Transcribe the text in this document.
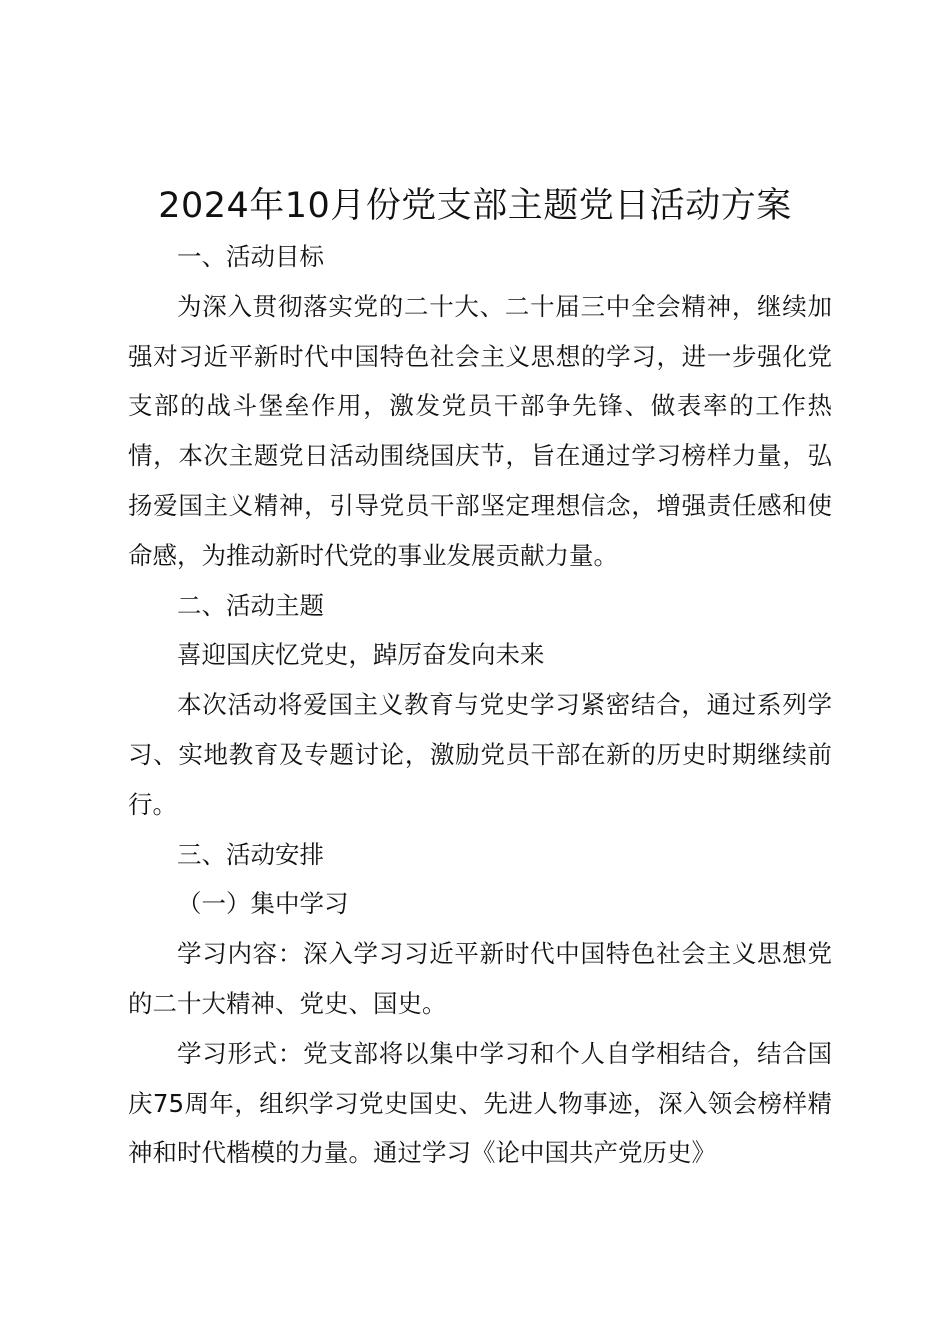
2024年10月份党支部主题党日活动方案

一、活动目标

为深入贯彻落实党的二十大、二十届三中全会精神，继续加强对习近平新时代中国特色社会主义思想的学习，进一步强化党支部的战斗堡垒作用，激发党员干部争先锋、做表率的工作热情，本次主题党日活动围绕国庆节，旨在通过学习榜样力量，弘扬爱国主义精神，引导党员干部坚定理想信念，增强责任感和使命感，为推动新时代党的事业发展贡献力量。

二、活动主题

喜迎国庆忆党史，踔厉奋发向未来

本次活动将爱国主义教育与党史学习紧密结合，通过系列学习、实地教育及专题讨论，激励党员干部在新的历史时期继续前行。

三、活动安排

（一）集中学习

学习内容：深入学习习近平新时代中国特色社会主义思想党的二十大精神、党史、国史。

学习形式：党支部将以集中学习和个人自学相结合，结合国庆75周年，组织学习党史国史、先进人物事迹，深入领会榜样精神和时代楷模的力量。通过学习《论中国共产党历史》
